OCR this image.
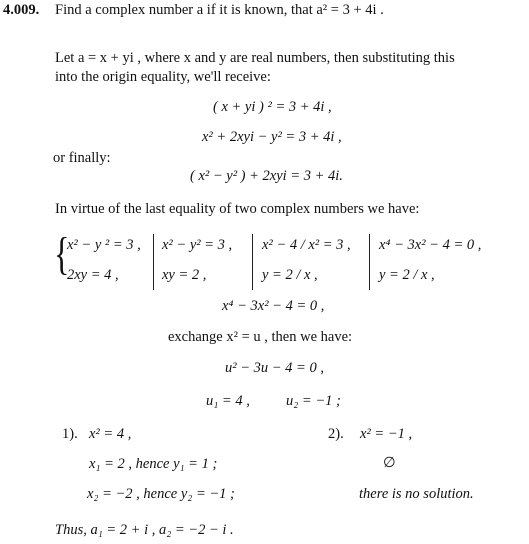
4.009. Find a complex number a if it is known, that a² = 3 + 4i .
Let a = x + yi , where x and y are real numbers, then substituting this
into the origin equality, we'll receive:
( x + yi ) ² = 3 + 4i ,
x² + 2xyi − y² = 3 + 4i ,
or finally:
( x² − y² ) + 2xyi = 3 + 4i.
In virtue of the last equality of two complex numbers we have:
{
x² − y ² = 3 ,
2xy = 4 ,
x² − y² = 3 ,
xy = 2 ,
x² − 4 / x² = 3 ,
y = 2 / x ,
x⁴ − 3x² − 4 = 0 ,
y = 2 / x ,
x⁴ − 3x² − 4 = 0 ,
exchange x² = u , then we have:
u² − 3u − 4 = 0 ,
u₁ = 4 , u₂ = −1 ;
1). x² = 4 ,
x₁ = 2 , hence y₁ = 1 ;
x₂ = −2 , hence y₂ = −1 ;
2). x² = −1 ,
∅
there is no solution.
Thus, a₁ = 2 + i , a₂ = −2 − i .
